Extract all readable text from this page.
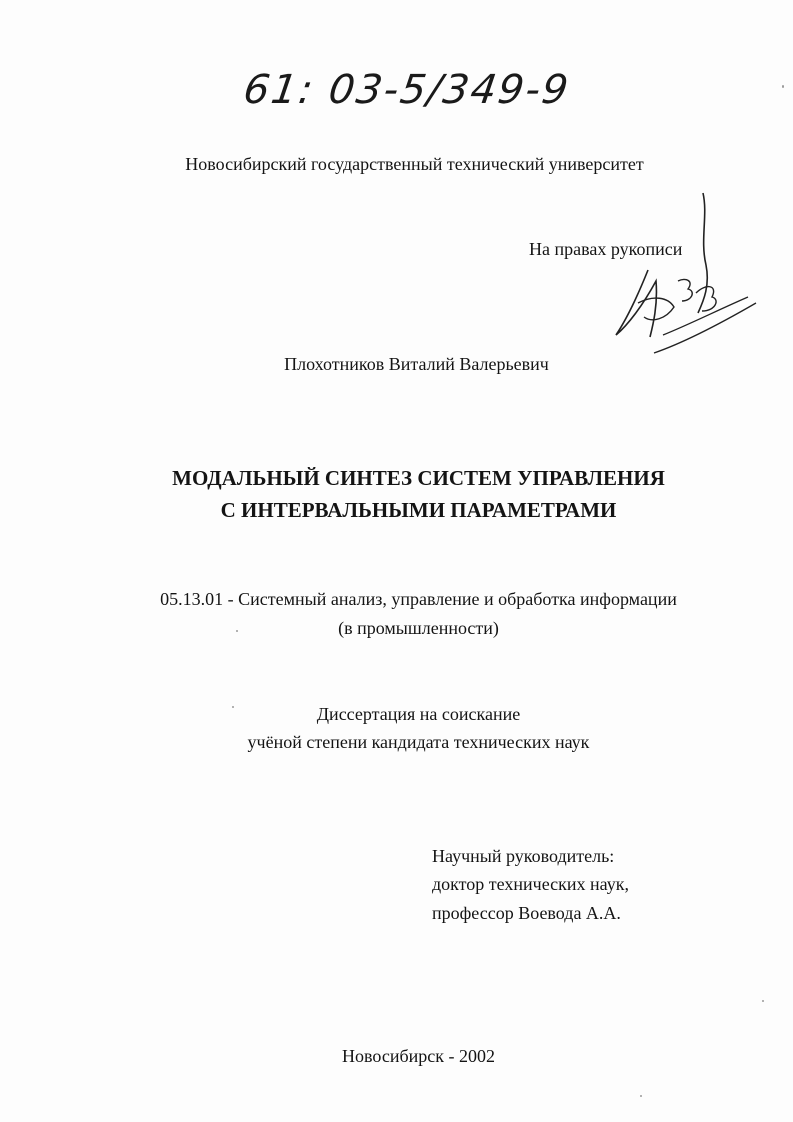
61: 03-5/349-9
Новосибирский государственный технический университет
На правах рукописи
Плохотников Виталий Валерьевич
МОДАЛЬНЫЙ СИНТЕЗ СИСТЕМ УПРАВЛЕНИЯ
С ИНТЕРВАЛЬНЫМИ ПАРАМЕТРАМИ
05.13.01 - Системный анализ, управление и обработка информации
(в промышленности)
Диссертация на соискание
учёной степени кандидата технических наук
Научный руководитель:
доктор технических наук,
профессор Воевода А.А.
Новосибирск - 2002
